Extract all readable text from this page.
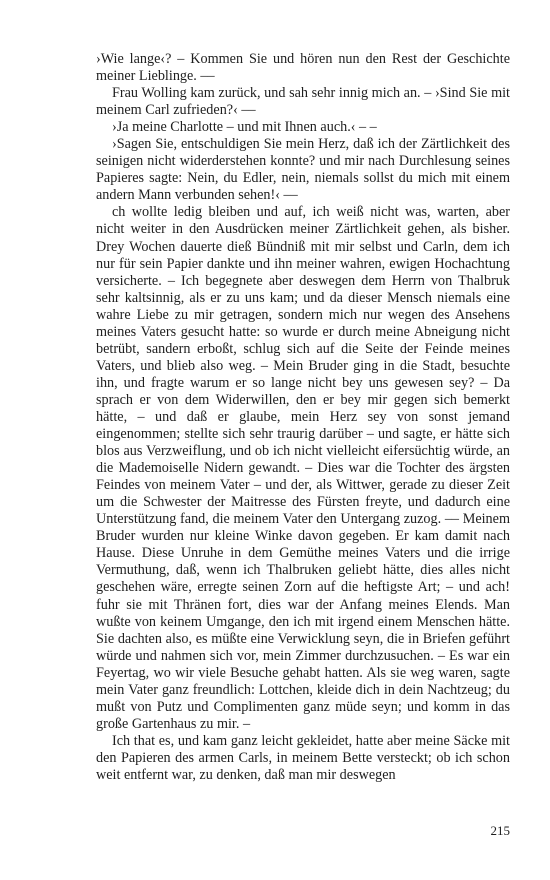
›Wie lange‹? – Kommen Sie und hören nun den Rest der Geschichte meiner Lieblinge. ––

Frau Wolling kam zurück, und sah sehr innig mich an. – ›Sind Sie mit meinem Carl zufrieden?‹ ––

›Ja meine Charlotte – und mit Ihnen auch.‹ – –

›Sagen Sie, entschuldigen Sie mein Herz, daß ich der Zärtlichkeit des seinigen nicht widerderstehen konnte? und mir nach Durchlesung seines Papieres sagte: Nein, du Edler, nein, niemals sollst du mich mit einem andern Mann verbunden sehen!‹ ––

ch wollte ledig bleiben und auf, ich weiß nicht was, warten, aber nicht weiter in den Ausdrücken meiner Zärtlichkeit gehen, als bisher. Drey Wochen dauerte dieß Bündniß mit mir selbst und Carln, dem ich nur für sein Papier dankte und ihn meiner wahren, ewigen Hochachtung versicherte. – Ich begegnete aber deswegen dem Herrn von Thalbruk sehr kaltsinnig, als er zu uns kam; und da dieser Mensch niemals eine wahre Liebe zu mir getragen, sondern mich nur wegen des Ansehens meines Vaters gesucht hatte: so wurde er durch meine Abneigung nicht betrübt, sandern erboßt, schlug sich auf die Seite der Feinde meines Vaters, und blieb also weg. – Mein Bruder ging in die Stadt, besuchte ihn, und fragte warum er so lange nicht bey uns gewesen sey? – Da sprach er von dem Widerwillen, den er bey mir gegen sich bemerkt hätte, – und daß er glaube, mein Herz sey von sonst jemand eingenommen; stellte sich sehr traurig darüber – und sagte, er hätte sich blos aus Verzweiflung, und ob ich nicht vielleicht eifersüchtig würde, an die Mademoiselle Nidern gewandt. – Dies war die Tochter des ärgsten Feindes von meinem Vater – und der, als Wittwer, gerade zu dieser Zeit um die Schwester der Maitresse des Fürsten freyte, und dadurch eine Unterstützung fand, die meinem Vater den Untergang zuzog. –– Meinem Bruder wurden nur kleine Winke davon gegeben. Er kam damit nach Hause. Diese Unruhe in dem Gemüthe meines Vaters und die irrige Vermuthung, daß, wenn ich Thalbruken geliebt hätte, dies alles nicht geschehen wäre, erregte seinen Zorn auf die heftigste Art; – und ach! fuhr sie mit Thränen fort, dies war der Anfang meines Elends. Man wußte von keinem Umgange, den ich mit irgend einem Menschen hätte. Sie dachten also, es müßte eine Verwicklung seyn, die in Briefen geführt würde und nahmen sich vor, mein Zimmer durchzusuchen. – Es war ein Feyertag, wo wir viele Besuche gehabt hatten. Als sie weg waren, sagte mein Vater ganz freundlich: Lottchen, kleide dich in dein Nachtzeug; du mußt von Putz und Complimenten ganz müde seyn; und komm in das große Gartenhaus zu mir. –

Ich that es, und kam ganz leicht gekleidet, hatte aber meine Säcke mit den Papieren des armen Carls, in meinem Bette versteckt; ob ich schon weit entfernt war, zu denken, daß man mir deswegen

215
